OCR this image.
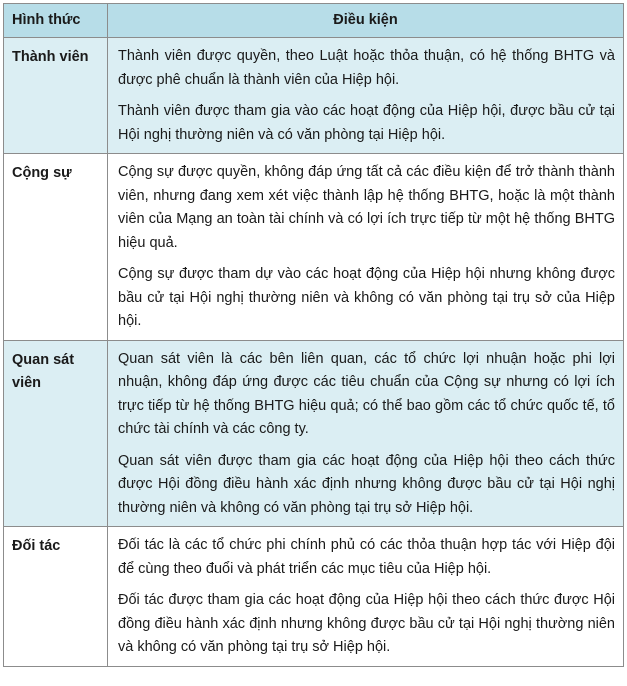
Hình thức	Điều kiện
Thành viên	Thành viên được quyền, theo Luật hoặc thỏa thuận, có hệ thống BHTG và được phê chuẩn là thành viên của Hiệp hội.

Thành viên được tham gia vào các hoạt động của Hiệp hội, được bầu cử tại Hội nghị thường niên và có văn phòng tại Hiệp hội.

Cộng sự	Cộng sự được quyền, không đáp ứng tất cả các điều kiện để trở thành thành viên, nhưng đang xem xét việc thành lập hệ thống BHTG, hoặc là một thành viên của Mạng an toàn tài chính và có lợi ích trực tiếp từ một hệ thống BHTG hiệu quả.

Cộng sự được tham dự vào các hoạt động của Hiệp hội nhưng không được bầu cử tại Hội nghị thường niên và không có văn phòng tại trụ sở của Hiệp hội.

Quan sát viên	Quan sát viên là các bên liên quan, các tổ chức lợi nhuận hoặc phi lợi nhuận, không đáp ứng được các tiêu chuẩn của Cộng sự nhưng có lợi ích trực tiếp từ hệ thống BHTG hiệu quả; có thể bao gồm các tổ chức quốc tế, tổ chức tài chính và các công ty.

Quan sát viên được tham gia các hoạt động của Hiệp hội theo cách thức được Hội đồng điều hành xác định nhưng không được bầu cử tại Hội nghị thường niên và không có văn phòng tại trụ sở Hiệp hội.

Đối tác	Đối tác là các tổ chức phi chính phủ có các thỏa thuận hợp tác với Hiệp đội để cùng theo đuổi và phát triển các mục tiêu của Hiệp hội.

Đối tác được tham gia các hoạt động của Hiệp hội theo cách thức được Hội đồng điều hành xác định nhưng không được bầu cử tại Hội nghị thường niên và không có văn phòng tại trụ sở Hiệp hội.
